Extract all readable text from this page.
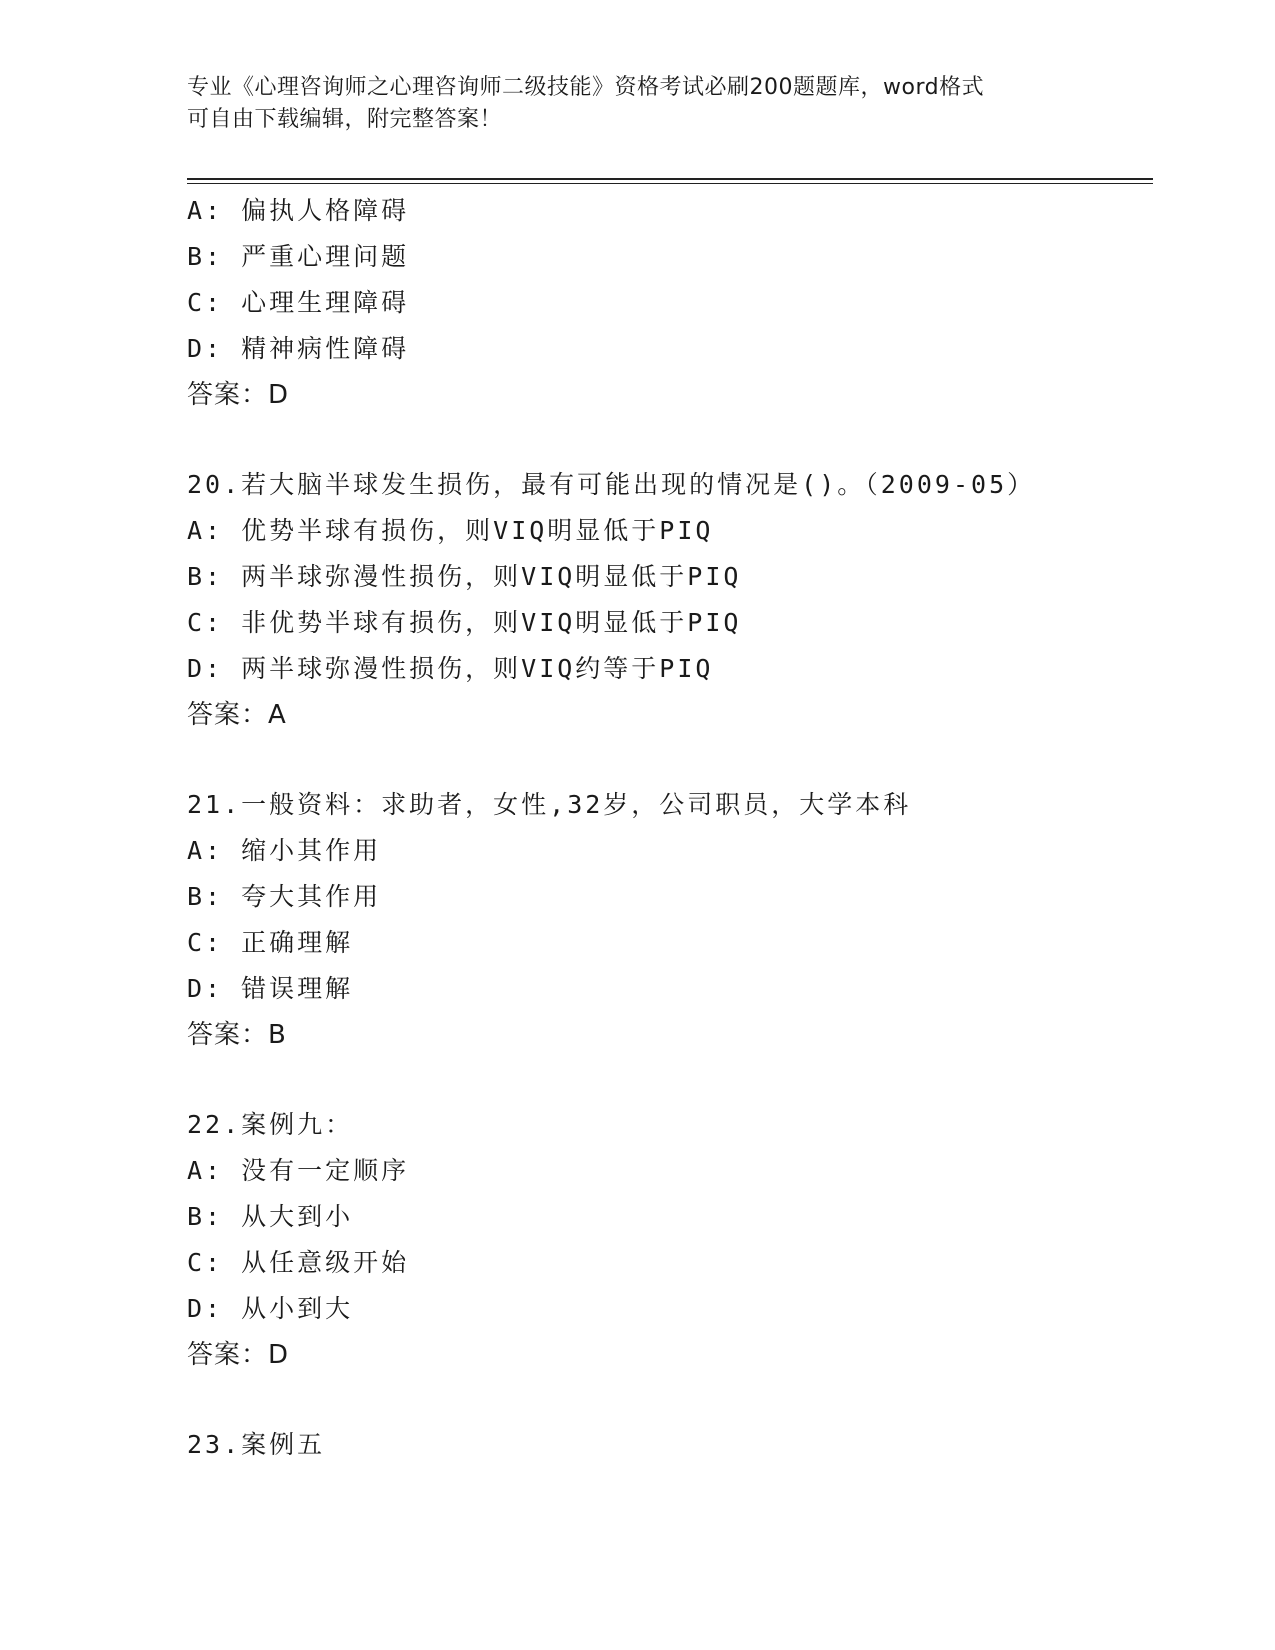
专业《心理咨询师之心理咨询师二级技能》资格考试必刷200题题库，word格式
可自由下载编辑，附完整答案！
A: 偏执人格障碍
B: 严重心理问题
C: 心理生理障碍
D: 精神病性障碍
答案：D
20.若大脑半球发生损伤，最有可能出现的情况是()。（2009-05）
A: 优势半球有损伤，则VIQ明显低于PIQ
B: 两半球弥漫性损伤，则VIQ明显低于PIQ
C: 非优势半球有损伤，则VIQ明显低于PIQ
D: 两半球弥漫性损伤，则VIQ约等于PIQ
答案：A
21.一般资料：求助者，女性,32岁，公司职员，大学本科
A: 缩小其作用
B: 夸大其作用
C: 正确理解
D: 错误理解
答案：B
22.案例九：
A: 没有一定顺序
B: 从大到小
C: 从任意级开始
D: 从小到大
答案：D
23.案例五
